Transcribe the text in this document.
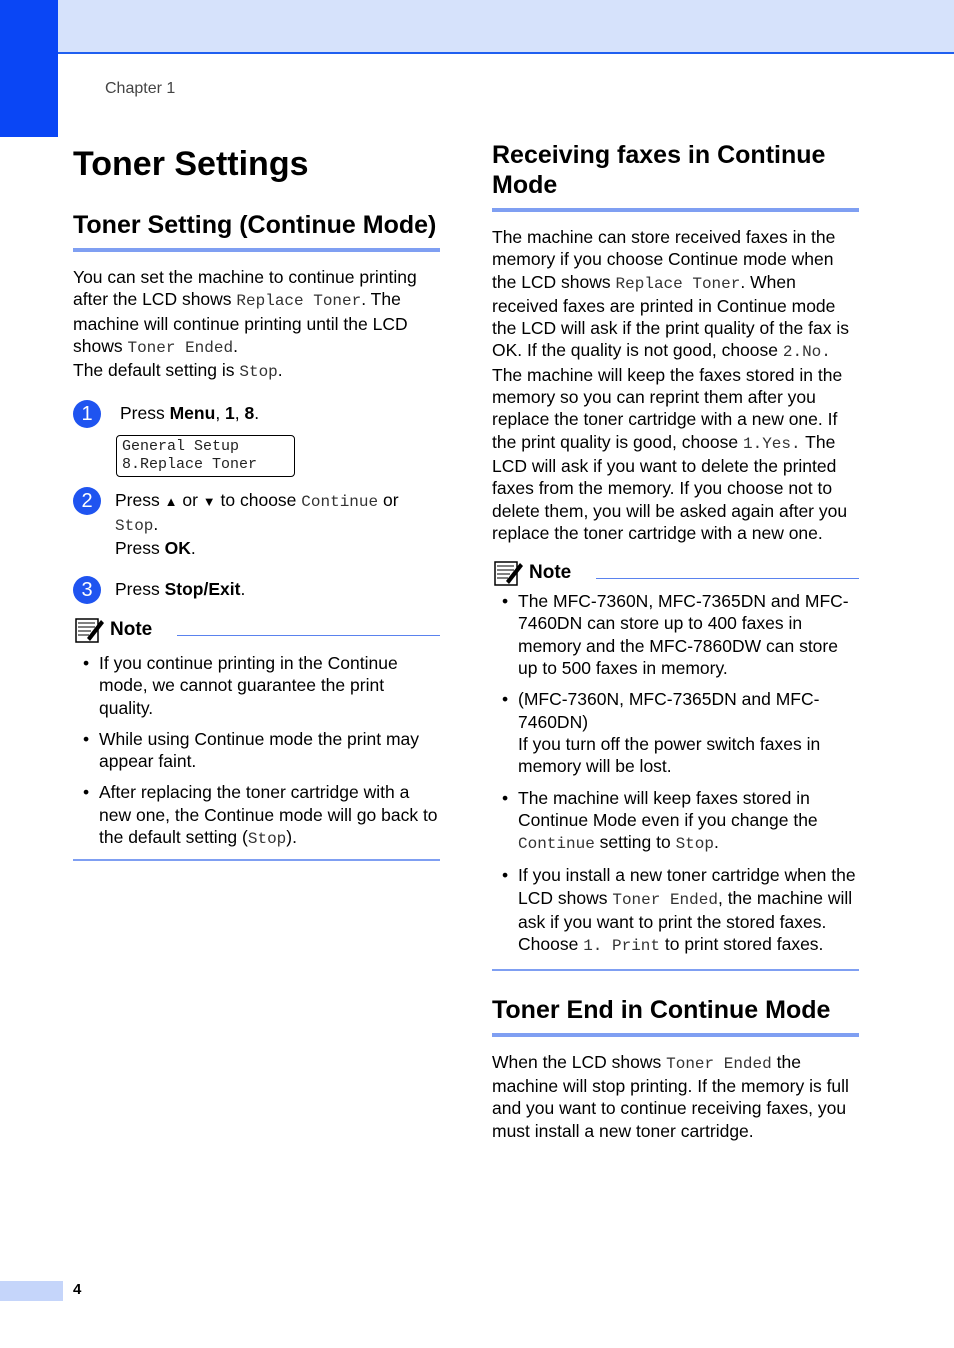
Chapter 1
Toner Settings
Toner Setting (Continue Mode)

You can set the machine to continue printing after the LCD shows Replace Toner. The machine will continue printing until the LCD shows Toner Ended.
The default setting is Stop.

1	Press Menu, 1, 8.
General Setup
8.Replace Toner
2	Press ▲ or ▼ to choose Continue or
Stop.
Press OK.
3	Press Stop/Exit.
Note
• If you continue printing in the Continue mode, we cannot guarantee the print quality.
• While using Continue mode the print may appear faint.
• After replacing the toner cartridge with a new one, the Continue mode will go back to the default setting (Stop).
Receiving faxes in Continue Mode

The machine can store received faxes in the memory if you choose Continue mode when the LCD shows Replace Toner. When received faxes are printed in Continue mode the LCD will ask if the print quality of the fax is OK. If the quality is not good, choose 2.No. The machine will keep the faxes stored in the memory so you can reprint them after you replace the toner cartridge with a new one. If the print quality is good, choose 1.Yes. The LCD will ask if you want to delete the printed faxes from the memory. If you choose not to delete them, you will be asked again after you replace the toner cartridge with a new one.

Note
• The MFC-7360N, MFC-7365DN and MFC-7460DN can store up to 400 faxes in memory and the MFC-7860DW can store up to 500 faxes in memory.
• (MFC-7360N, MFC-7365DN and MFC-7460DN)
If you turn off the power switch faxes in memory will be lost.
• The machine will keep faxes stored in Continue Mode even if you change the Continue setting to Stop.
• If you install a new toner cartridge when the LCD shows Toner Ended, the machine will ask if you want to print the stored faxes. Choose 1. Print to print stored faxes.
Toner End in Continue Mode

When the LCD shows Toner Ended the machine will stop printing. If the memory is full and you want to continue receiving faxes, you must install a new toner cartridge.

4
